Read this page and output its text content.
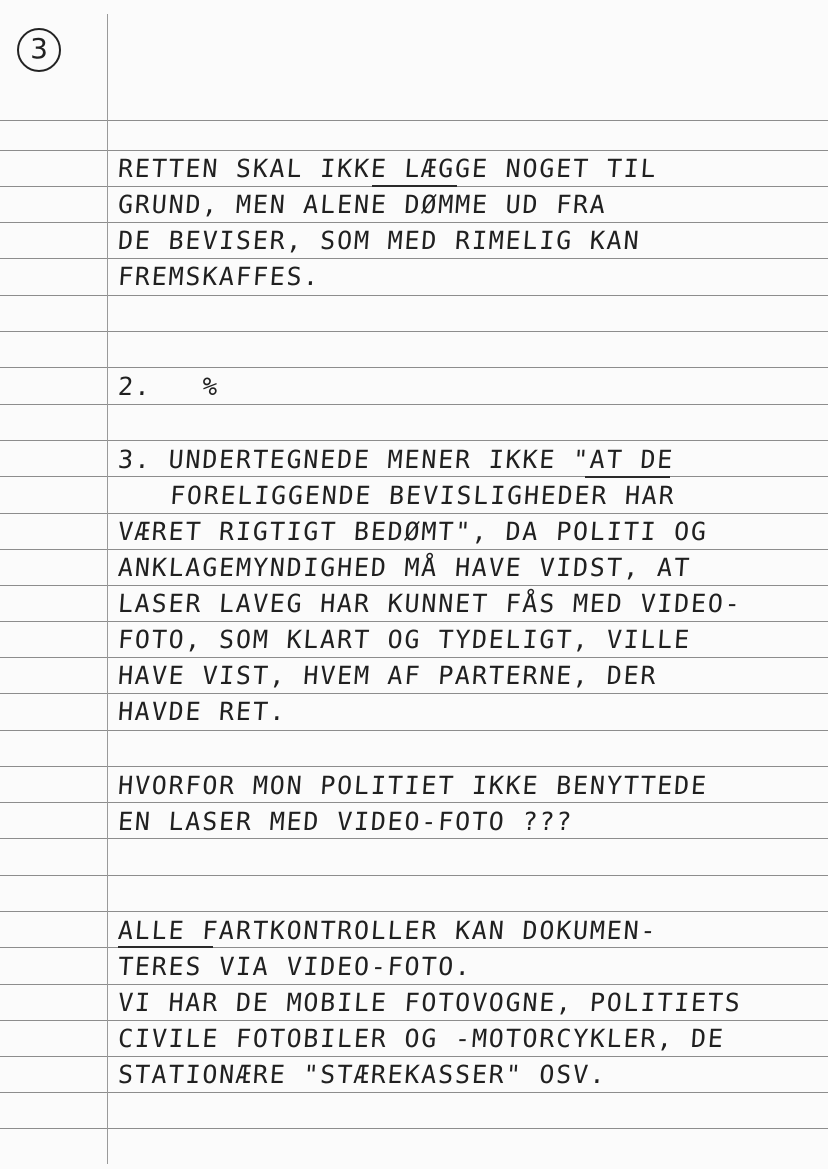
3
RETTEN SKAL IKKE LÆGGE NOGET TIL
GRUND, MEN ALENE DØMME UD FRA
DE BEVISER, SOM MED RIMELIG KAN
FREMSKAFFES.
2.   %
3. UNDERTEGNEDE MENER IKKE "AT DE
FORELIGGENDE BEVISLIGHEDER HAR
VÆRET RIGTIGT BEDØMT", DA POLITI OG
ANKLAGEMYNDIGHED MÅ HAVE VIDST, AT
LASER LAVEG HAR KUNNET FÅS MED VIDEO-
FOTO, SOM KLART OG TYDELIGT, VILLE
HAVE VIST, HVEM AF PARTERNE, DER
HAVDE RET.
HVORFOR MON POLITIET IKKE BENYTTEDE
EN LASER MED VIDEO-FOTO ???
ALLE FARTKONTROLLER KAN DOKUMEN-
TERES VIA VIDEO-FOTO.
VI HAR DE MOBILE FOTOVOGNE, POLITIETS
CIVILE FOTOBILER OG -MOTORCYKLER, DE
STATIONÆRE "STÆREKASSER" OSV.
